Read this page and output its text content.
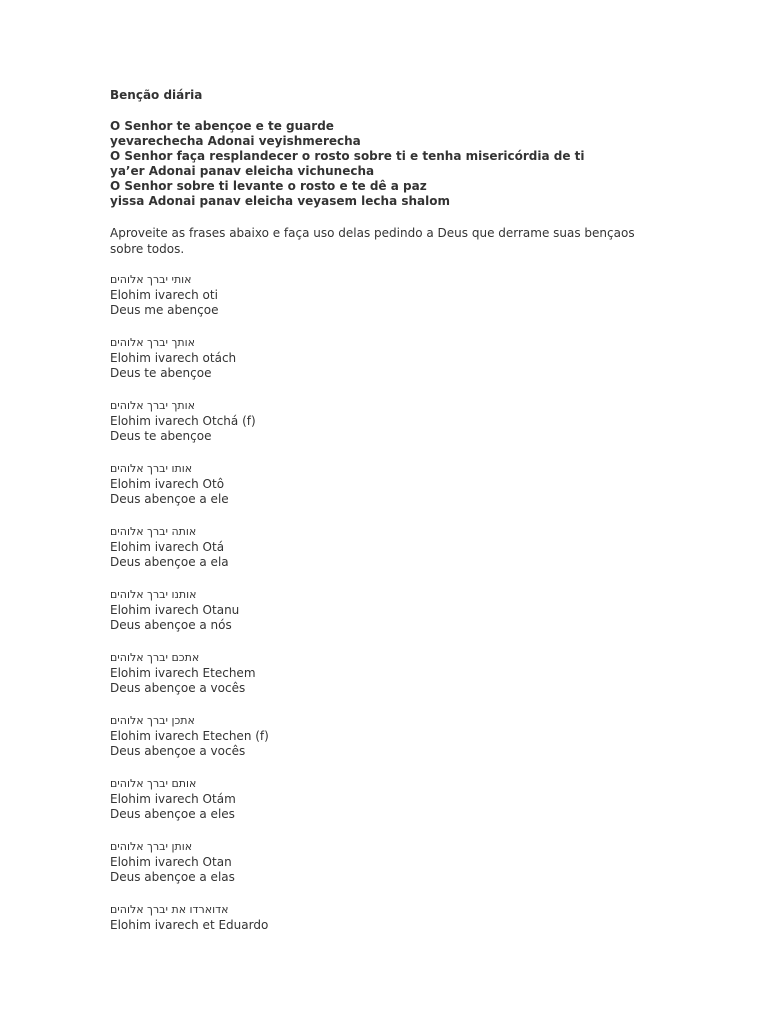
Benção diária
O Senhor te abençoe e te guarde
yevarechecha Adonai veyishmerecha
O Senhor faça resplandecer o rosto sobre ti e tenha misericórdia de ti
ya’er Adonai panav eleicha vichunecha
O Senhor sobre ti levante o rosto e te dê a paz
yissa Adonai panav eleicha veyasem lecha shalom
Aproveite as frases abaixo e faça uso delas pedindo a Deus que derrame suas bençaos sobre todos.
אותי יברך אלוהים
Elohim ivarech oti
Deus me abençoe
אותך יברך אלוהים
Elohim ivarech otách
Deus te abençoe
אותך יברך אלוהים
Elohim ivarech Otchá (f)
Deus te abençoe
אותו יברך אלוהים
Elohim ivarech Otô
Deus abençoe a ele
אותה יברך אלוהים
Elohim ivarech Otá
Deus abençoe a ela
אותנו יברך אלוהים
Elohim ivarech Otanu
Deus abençoe a nós
אתכם יברך אלוהים
Elohim ivarech Etechem
Deus abençoe a vocês
אתכן יברך אלוהים
Elohim ivarech Etechen (f)
Deus abençoe a vocês
אותם יברך אלוהים
Elohim ivarech Otám
Deus abençoe a eles
אותן יברך אלוהים
Elohim ivarech Otan
Deus abençoe a elas
אדוארדו את יברך אלוהים
Elohim ivarech et Eduardo
